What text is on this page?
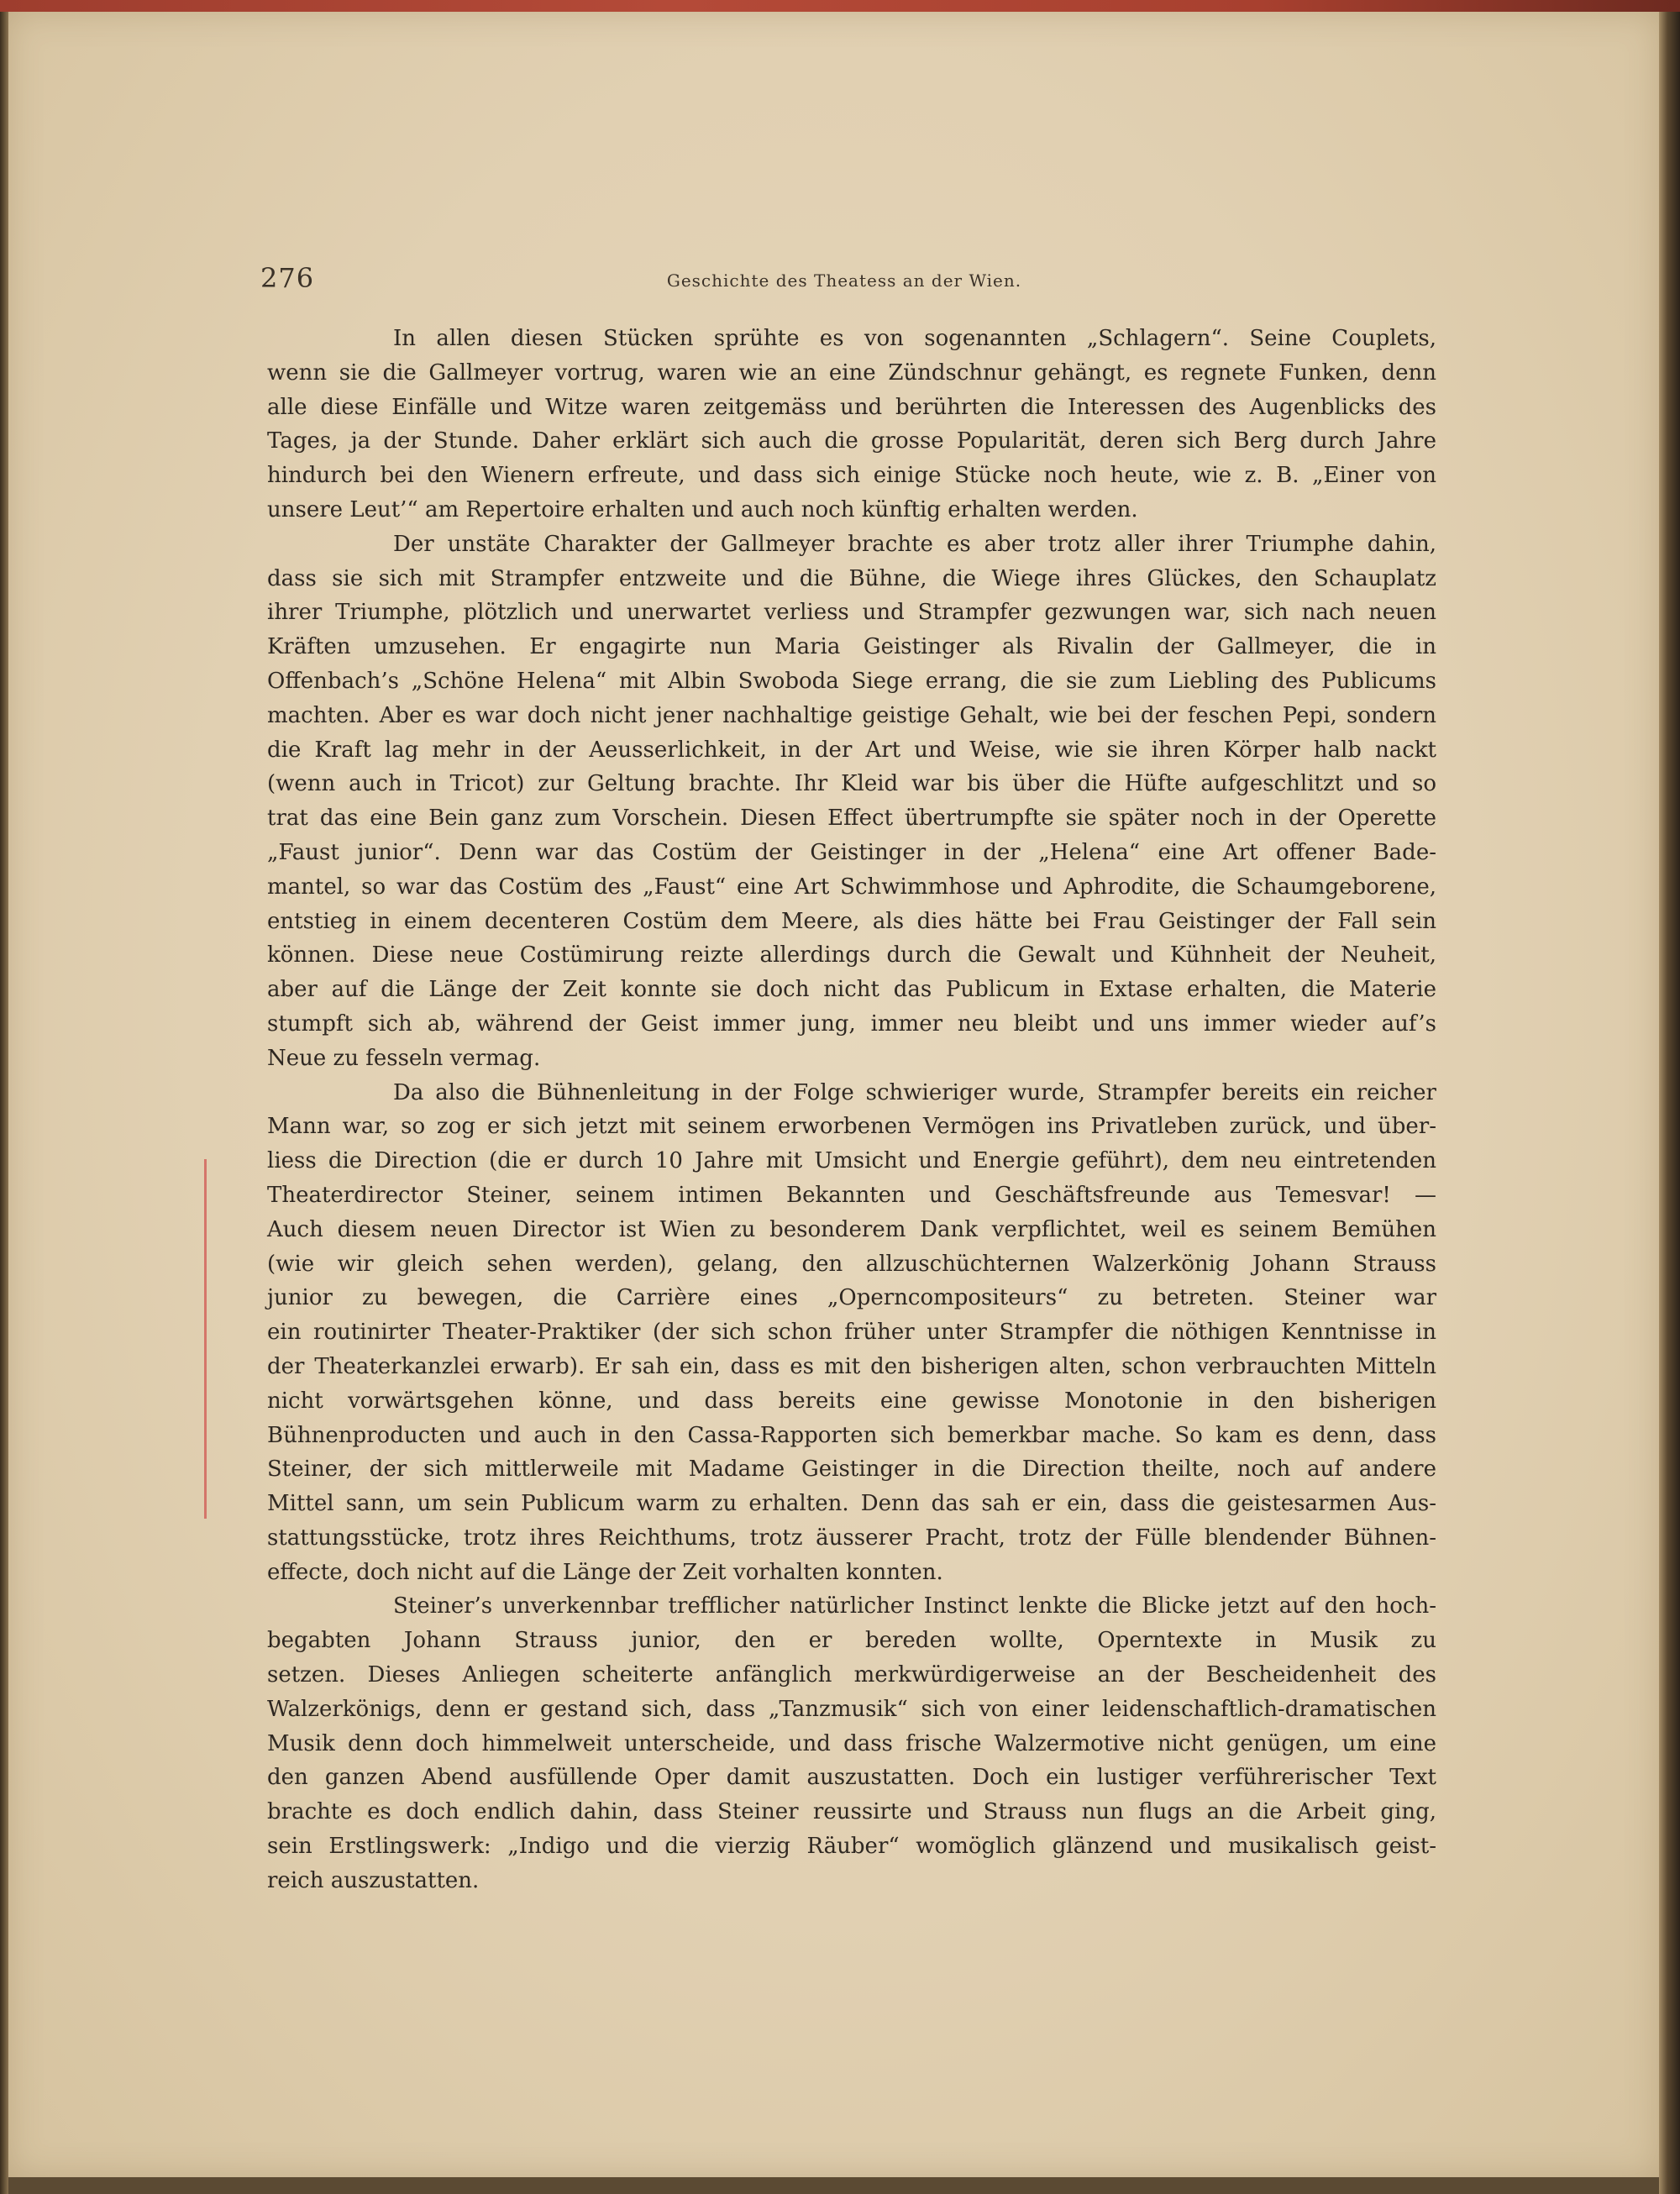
276	Geschichte des Theatess an der Wien.
In allen diesen Stücken sprühte es von sogenannten „Schlagern“. Seine Couplets,
wenn sie die Gallmeyer vortrug, waren wie an eine Zündschnur gehängt, es regnete Funken, denn
alle diese Einfälle und Witze waren zeitgemäss und berührten die Interessen des Augenblicks des
Tages, ja der Stunde. Daher erklärt sich auch die grosse Popularität, deren sich Berg durch Jahre
hindurch bei den Wienern erfreute, und dass sich einige Stücke noch heute, wie z. B. „Einer von
unsere Leut’“ am Repertoire erhalten und auch noch künftig erhalten werden.
Der unstäte Charakter der Gallmeyer brachte es aber trotz aller ihrer Triumphe dahin,
dass sie sich mit Strampfer entzweite und die Bühne, die Wiege ihres Glückes, den Schauplatz
ihrer Triumphe, plötzlich und unerwartet verliess und Strampfer gezwungen war, sich nach neuen
Kräften umzusehen. Er engagirte nun Maria Geistinger als Rivalin der Gallmeyer, die in
Offenbach’s „Schöne Helena“ mit Albin Swoboda Siege errang, die sie zum Liebling des Publicums
machten. Aber es war doch nicht jener nachhaltige geistige Gehalt, wie bei der feschen Pepi, sondern
die Kraft lag mehr in der Aeusserlichkeit, in der Art und Weise, wie sie ihren Körper halb nackt
(wenn auch in Tricot) zur Geltung brachte. Ihr Kleid war bis über die Hüfte aufgeschlitzt und so
trat das eine Bein ganz zum Vorschein. Diesen Effect übertrumpfte sie später noch in der Operette
„Faust junior“. Denn war das Costüm der Geistinger in der „Helena“ eine Art offener Bade-
mantel, so war das Costüm des „Faust“ eine Art Schwimmhose und Aphrodite, die Schaumgeborene,
entstieg in einem decenteren Costüm dem Meere, als dies hätte bei Frau Geistinger der Fall sein
können. Diese neue Costümirung reizte allerdings durch die Gewalt und Kühnheit der Neuheit,
aber auf die Länge der Zeit konnte sie doch nicht das Publicum in Extase erhalten, die Materie
stumpft sich ab, während der Geist immer jung, immer neu bleibt und uns immer wieder auf’s
Neue zu fesseln vermag.
Da also die Bühnenleitung in der Folge schwieriger wurde, Strampfer bereits ein reicher
Mann war, so zog er sich jetzt mit seinem erworbenen Vermögen ins Privatleben zurück, und über-
liess die Direction (die er durch 10 Jahre mit Umsicht und Energie geführt), dem neu eintretenden
Theaterdirector Steiner, seinem intimen Bekannten und Geschäftsfreunde aus Temesvar! —
Auch diesem neuen Director ist Wien zu besonderem Dank verpflichtet, weil es seinem Bemühen
(wie wir gleich sehen werden), gelang, den allzuschüchternen Walzerkönig Johann Strauss
junior zu bewegen, die Carrière eines „Operncompositeurs“ zu betreten. Steiner war
ein routinirter Theater-Praktiker (der sich schon früher unter Strampfer die nöthigen Kenntnisse in
der Theaterkanzlei erwarb). Er sah ein, dass es mit den bisherigen alten, schon verbrauchten Mitteln
nicht vorwärtsgehen könne, und dass bereits eine gewisse Monotonie in den bisherigen
Bühnenproducten und auch in den Cassa-Rapporten sich bemerkbar mache. So kam es denn, dass
Steiner, der sich mittlerweile mit Madame Geistinger in die Direction theilte, noch auf andere
Mittel sann, um sein Publicum warm zu erhalten. Denn das sah er ein, dass die geistesarmen Aus-
stattungsstücke, trotz ihres Reichthums, trotz äusserer Pracht, trotz der Fülle blendender Bühnen-
effecte, doch nicht auf die Länge der Zeit vorhalten konnten.
Steiner’s unverkennbar trefflicher natürlicher Instinct lenkte die Blicke jetzt auf den hoch-
begabten Johann Strauss junior, den er bereden wollte, Operntexte in Musik zu
setzen. Dieses Anliegen scheiterte anfänglich merkwürdigerweise an der Bescheidenheit des
Walzerkönigs, denn er gestand sich, dass „Tanzmusik“ sich von einer leidenschaftlich-dramatischen
Musik denn doch himmelweit unterscheide, und dass frische Walzermotive nicht genügen, um eine
den ganzen Abend ausfüllende Oper damit auszustatten. Doch ein lustiger verführerischer Text
brachte es doch endlich dahin, dass Steiner reussirte und Strauss nun flugs an die Arbeit ging,
sein Erstlingswerk: „Indigo und die vierzig Räuber“ womöglich glänzend und musikalisch geist-
reich auszustatten.
